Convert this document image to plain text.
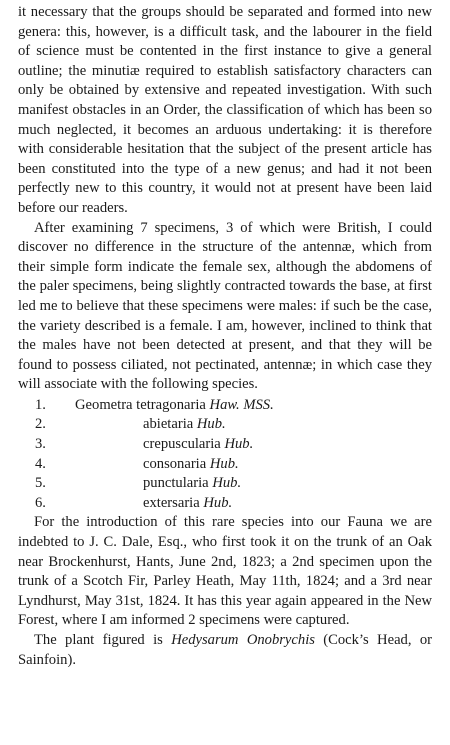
it necessary that the groups should be separated and formed into new genera: this, however, is a difficult task, and the labourer in the field of science must be contented in the first instance to give a general outline; the minutiæ required to establish satisfactory characters can only be obtained by extensive and repeated investigation. With such manifest obstacles in an Order, the classification of which has been so much neglected, it becomes an arduous undertaking: it is therefore with considerable hesitation that the subject of the present article has been constituted into the type of a new genus; and had it not been perfectly new to this country, it would not at present have been laid before our readers.

After examining 7 specimens, 3 of which were British, I could discover no difference in the structure of the antennæ, which from their simple form indicate the female sex, although the abdomens of the paler specimens, being slightly contracted towards the base, at first led me to believe that these specimens were males: if such be the case, the variety described is a female. I am, however, inclined to think that the males have not been detected at present, and that they will be found to possess ciliated, not pectinated, antennæ; in which case they will associate with the following species.

1.	Geometra tetragonaria
Haw. MSS.
2.	abietaria
Hub.
3.	crepuscularia
Hub.
4.	consonaria
Hub.
5.	punctularia
Hub.
6.	extersaria
Hub.

For the introduction of this rare species into our Fauna we are indebted to J. C. Dale, Esq., who first took it on the trunk of an Oak near Brockenhurst, Hants, June 2nd, 1823; a 2nd specimen upon the trunk of a Scotch Fir, Parley Heath, May 11th, 1824; and a 3rd near Lyndhurst, May 31st, 1824. It has this year again appeared in the New Forest, where I am informed 2 specimens were captured.

The plant figured is Hedysarum Onobrychis (Cock’s Head, or Sainfoin).
